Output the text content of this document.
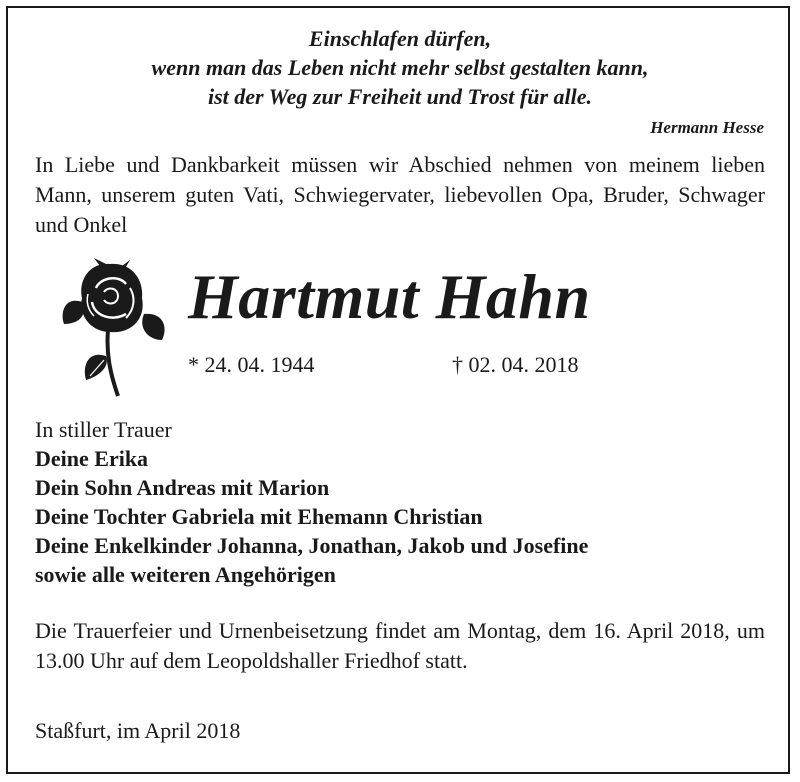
Einschlafen dürfen,
wenn man das Leben nicht mehr selbst gestalten kann,
ist der Weg zur Freiheit und Trost für alle.
Hermann Hesse
In Liebe und Dankbarkeit müssen wir Abschied nehmen von meinem lieben Mann, unserem guten Vati, Schwiegervater, liebevollen Opa, Bruder, Schwager und Onkel
Hartmut Hahn
* 24. 04. 1944	† 02. 04. 2018
In stiller Trauer
Deine Erika
Dein Sohn Andreas mit Marion
Deine Tochter Gabriela mit Ehemann Christian
Deine Enkelkinder Johanna, Jonathan, Jakob und Josefine
sowie alle weiteren Angehörigen
Die Trauerfeier und Urnenbeisetzung findet am Montag, dem 16. April 2018, um 13.00 Uhr auf dem Leopoldshaller Friedhof statt.
Staßfurt, im April 2018
